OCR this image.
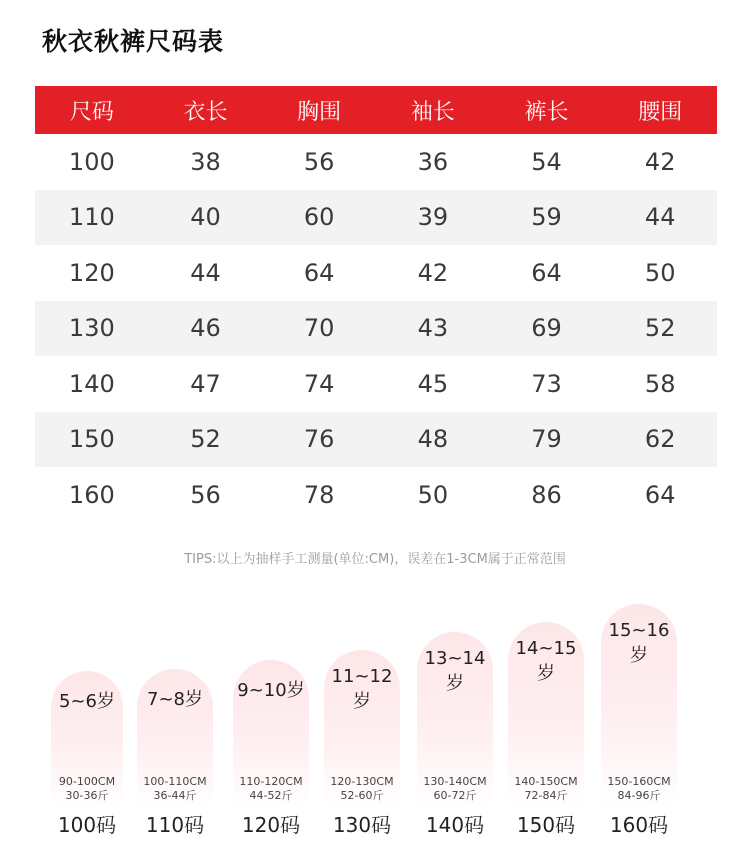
秋衣秋裤尺码表
尺码	衣长	胸围	袖长	裤长	腰围
100	38	56	36	54	42
110	40	60	39	59	44
120	44	64	42	64	50
130	46	70	43	69	52
140	47	74	45	73	58
150	52	76	48	79	62
160	56	78	50	86	64
TIPS:以上为抽样手工测量(单位:CM)，误差在1-3CM属于正常范围
5~6岁
90-100CM
30-36斤
100码
7~8岁
100-110CM
36-44斤
110码
9~10岁
110-120CM
44-52斤
120码
11~12岁
120-130CM
52-60斤
130码
13~14岁
130-140CM
60-72斤
140码
14~15岁
140-150CM
72-84斤
150码
15~16岁
150-160CM
84-96斤
160码
